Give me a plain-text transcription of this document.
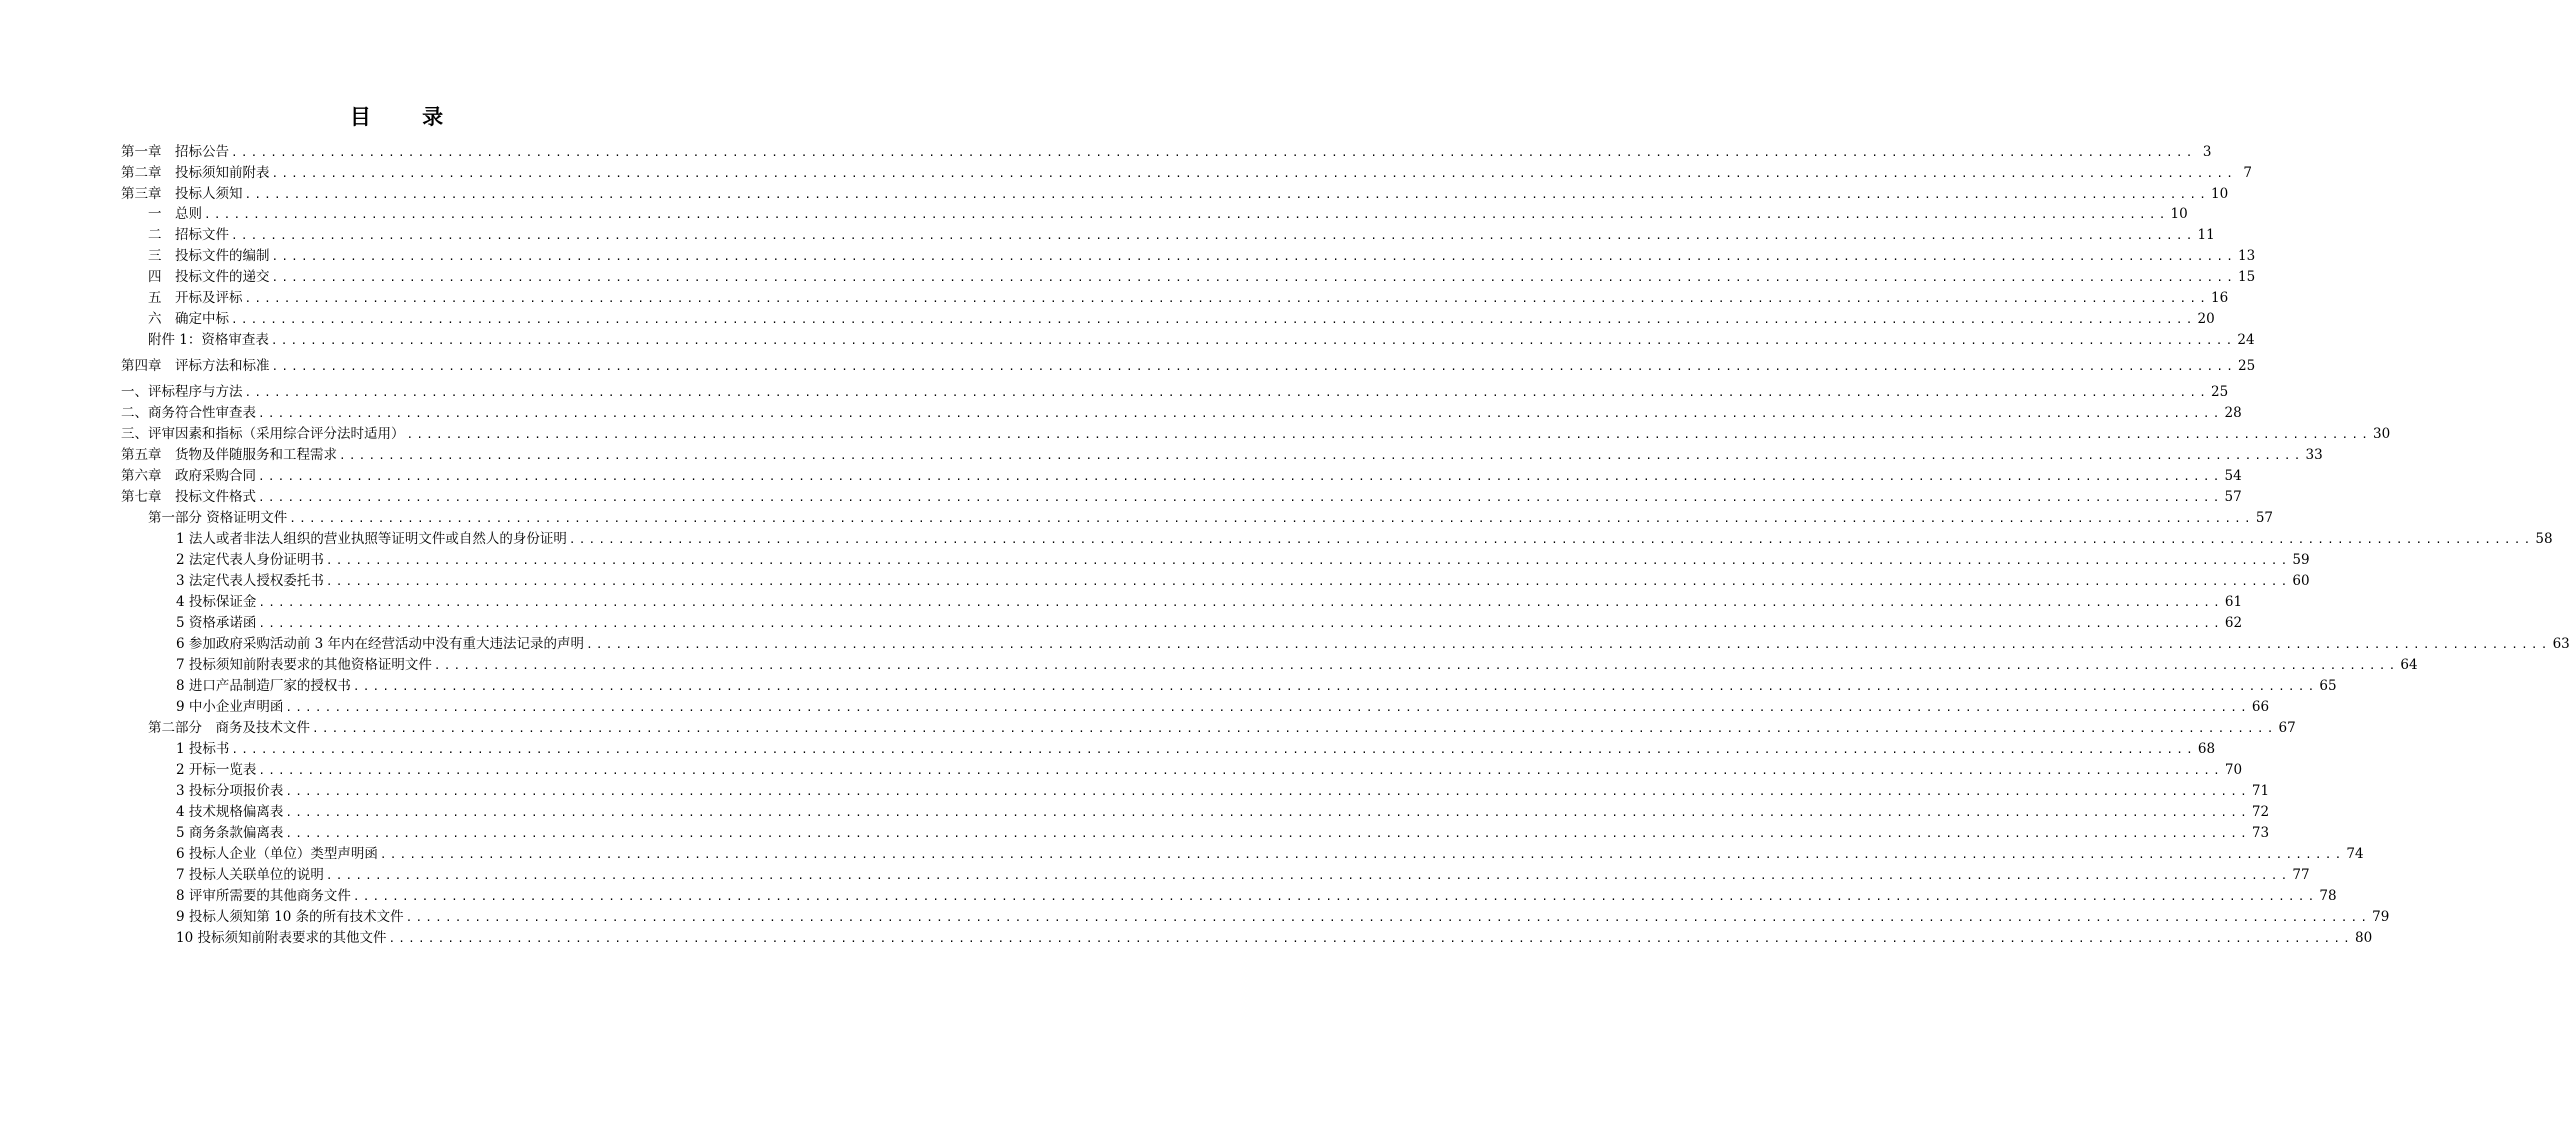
目 录
第一章　招标公告 ........................................................................................................................................................................................................ 3
第二章　投标须知前附表 ........................................................................................................................................................................................................ 7
第三章　投标人须知 ........................................................................................................................................................................................................ 10
一　总则 ........................................................................................................................................................................................................ 10
二　招标文件 ........................................................................................................................................................................................................ 11
三　投标文件的编制 ........................................................................................................................................................................................................ 13
四　投标文件的递交 ........................................................................................................................................................................................................ 15
五　开标及评标 ........................................................................................................................................................................................................ 16
六　确定中标 ........................................................................................................................................................................................................ 20
附件 1：资格审查表 ........................................................................................................................................................................................................ 24
第四章　评标方法和标准 ........................................................................................................................................................................................................ 25
一、评标程序与方法 ........................................................................................................................................................................................................ 25
二、商务符合性审查表 ........................................................................................................................................................................................................ 28
三、评审因素和指标（采用综合评分法时适用） ........................................................................................................................................................................................................ 30
第五章　货物及伴随服务和工程需求 ........................................................................................................................................................................................................ 33
第六章　政府采购合同 ........................................................................................................................................................................................................ 54
第七章　投标文件格式 ........................................................................................................................................................................................................ 57
第一部分 资格证明文件 ........................................................................................................................................................................................................ 57
1 法人或者非法人组织的营业执照等证明文件或自然人的身份证明 ........................................................................................................................................................................................................ 58
2 法定代表人身份证明书 ........................................................................................................................................................................................................ 59
3 法定代表人授权委托书 ........................................................................................................................................................................................................ 60
4 投标保证金 ........................................................................................................................................................................................................ 61
5 资格承诺函 ........................................................................................................................................................................................................ 62
6 参加政府采购活动前 3 年内在经营活动中没有重大违法记录的声明 ........................................................................................................................................................................................................ 63
7 投标须知前附表要求的其他资格证明文件 ........................................................................................................................................................................................................ 64
8 进口产品制造厂家的授权书 ........................................................................................................................................................................................................ 65
9 中小企业声明函 ........................................................................................................................................................................................................ 66
第二部分　商务及技术文件 ........................................................................................................................................................................................................ 67
1 投标书 ........................................................................................................................................................................................................ 68
2 开标一览表 ........................................................................................................................................................................................................ 70
3 投标分项报价表 ........................................................................................................................................................................................................ 71
4 技术规格偏离表 ........................................................................................................................................................................................................ 72
5 商务条款偏离表 ........................................................................................................................................................................................................ 73
6 投标人企业（单位）类型声明函 ........................................................................................................................................................................................................ 74
7 投标人关联单位的说明 ........................................................................................................................................................................................................ 77
8 评审所需要的其他商务文件 ........................................................................................................................................................................................................ 78
9 投标人须知第 10 条的所有技术文件 ........................................................................................................................................................................................................ 79
10 投标须知前附表要求的其他文件 ........................................................................................................................................................................................................ 80
